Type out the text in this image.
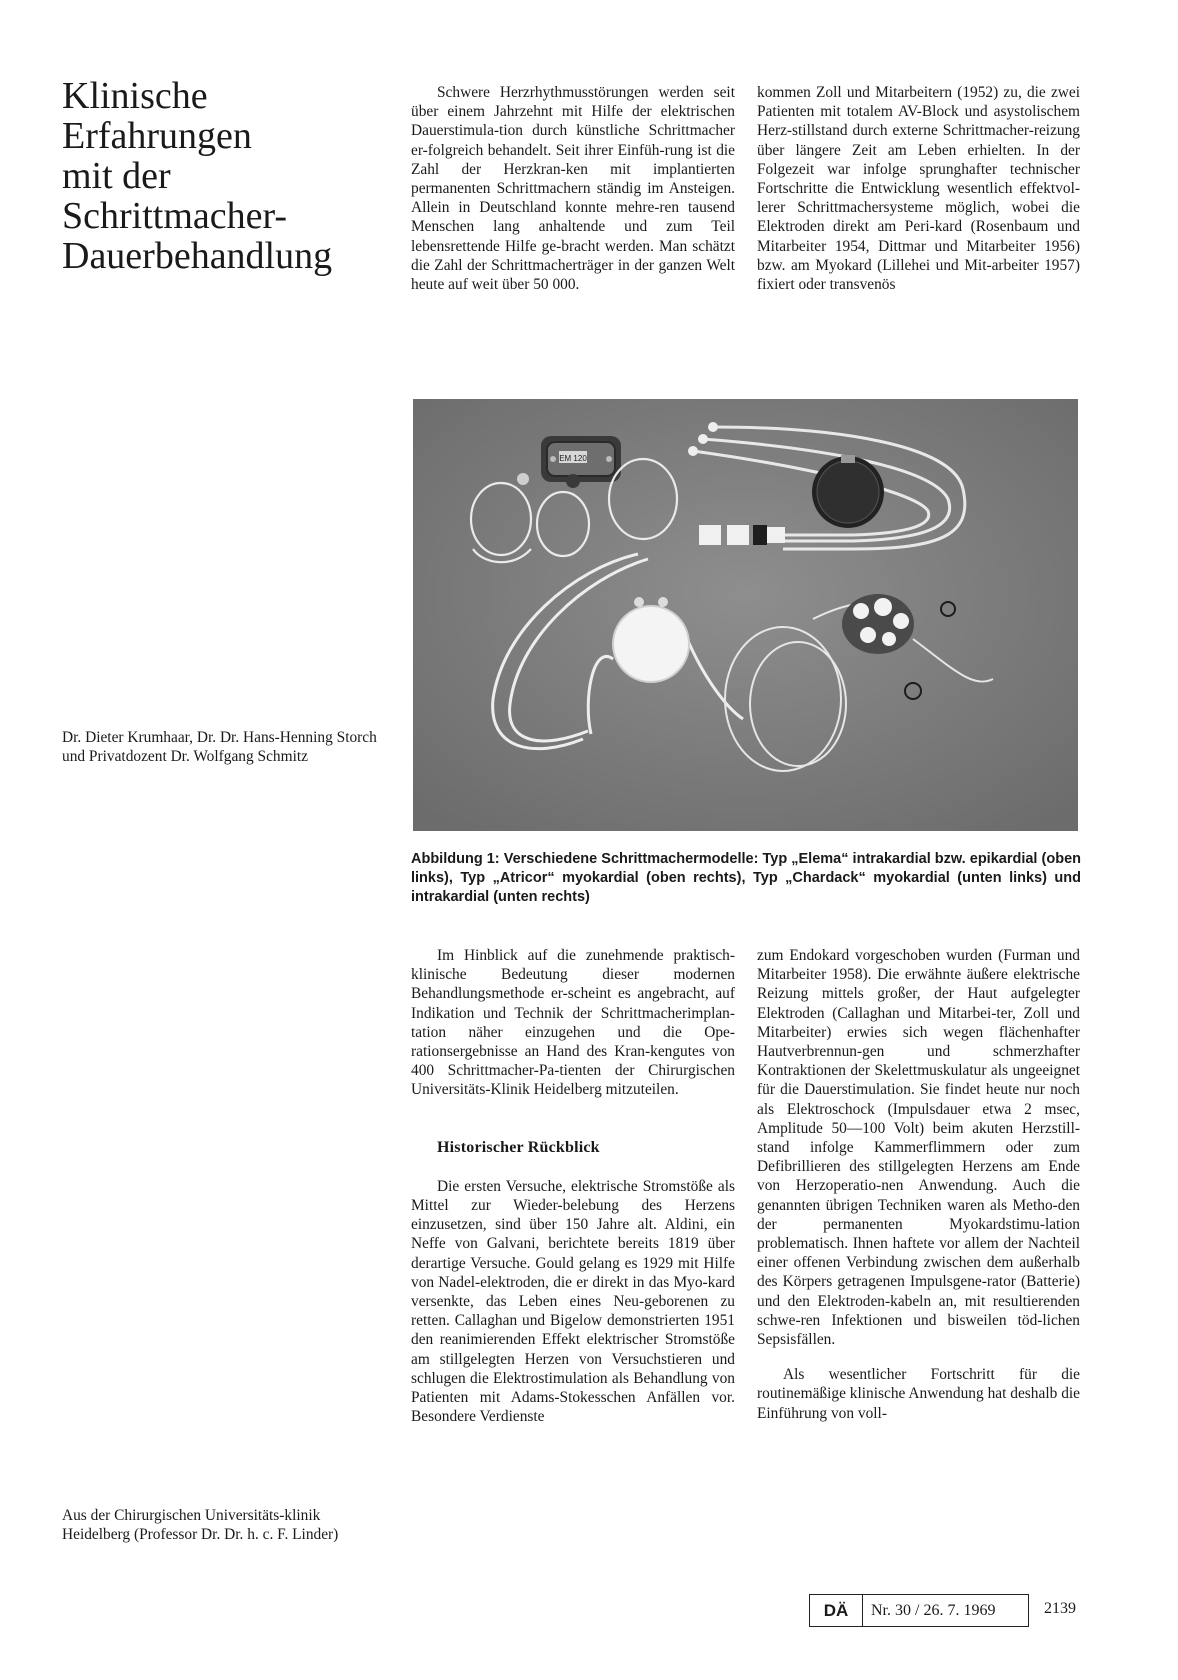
Klinische
Erfahrungen
mit der
Schrittmacher-
Dauerbehandlung

Schwere Herzrhythmusstörungen werden seit über einem Jahrzehnt mit Hilfe der elektrischen Dauerstimula-tion durch künstliche Schrittmacher er-folgreich behandelt. Seit ihrer Einfüh-rung ist die Zahl der Herzkran-ken mit implantierten permanenten Schrittmachern ständig im Ansteigen. Allein in Deutschland konnte mehre-ren tausend Menschen lang anhaltende und zum Teil lebensrettende Hilfe ge-bracht werden. Man schätzt die Zahl der Schrittmacherträger in der ganzen Welt heute auf weit über 50 000.

kommen Zoll und Mitarbeitern (1952) zu, die zwei Patienten mit totalem AV-Block und asystolischem Herz-stillstand durch externe Schrittmacher-reizung über längere Zeit am Leben erhielten. In der Folgezeit war infolge sprunghafter technischer Fortschritte die Entwicklung wesentlich effektvol-lerer Schrittmachersysteme möglich, wobei die Elektroden direkt am Peri-kard (Rosenbaum und Mitarbeiter 1954, Dittmar und Mitarbeiter 1956) bzw. am Myokard (Lillehei und Mit-arbeiter 1957) fixiert oder transvenös

EM 120
Abbildung 1: Verschiedene Schrittmachermodelle: Typ „Elema“ intrakardial bzw. epikardial (oben links), Typ „Atricor“ myokardial (oben rechts), Typ „Chardack“ myokardial (unten links) und intrakardial (unten rechts)
Dr. Dieter Krumhaar, Dr. Dr. Hans-Henning Storch und Privatdozent Dr. Wolfgang Schmitz

Im Hinblick auf die zunehmende praktisch-klinische Bedeutung dieser modernen Behandlungsmethode er-scheint es angebracht, auf Indikation und Technik der Schrittmacherimplan-tation näher einzugehen und die Ope-rationsergebnisse an Hand des Kran-kengutes von 400 Schrittmacher-Pa-tienten der Chirurgischen Universitäts-Klinik Heidelberg mitzuteilen.

Historischer Rückblick

Die ersten Versuche, elektrische Stromstöße als Mittel zur Wieder-belebung des Herzens einzusetzen, sind über 150 Jahre alt. Aldini, ein Neffe von Galvani, berichtete bereits 1819 über derartige Versuche. Gould gelang es 1929 mit Hilfe von Nadel-elektroden, die er direkt in das Myo-kard versenkte, das Leben eines Neu-geborenen zu retten. Callaghan und Bigelow demonstrierten 1951 den reanimierenden Effekt elektrischer Stromstöße am stillgelegten Herzen von Versuchstieren und schlugen die Elektrostimulation als Behandlung von Patienten mit Adams-Stokesschen Anfällen vor. Besondere Verdienste

zum Endokard vorgeschoben wurden (Furman und Mitarbeiter 1958). Die erwähnte äußere elektrische Reizung mittels großer, der Haut aufgelegter Elektroden (Callaghan und Mitarbei-ter, Zoll und Mitarbeiter) erwies sich wegen flächenhafter Hautverbrennun-gen und schmerzhafter Kontraktionen der Skelettmuskulatur als ungeeignet für die Dauerstimulation. Sie findet heute nur noch als Elektroschock (Impulsdauer etwa 2 msec, Amplitude 50—100 Volt) beim akuten Herzstill-stand infolge Kammerflimmern oder zum Defibrillieren des stillgelegten Herzens am Ende von Herzoperatio-nen Anwendung. Auch die genannten übrigen Techniken waren als Metho-den der permanenten Myokardstimu-lation problematisch. Ihnen haftete vor allem der Nachteil einer offenen Verbindung zwischen dem außerhalb des Körpers getragenen Impulsgene-rator (Batterie) und den Elektroden-kabeln an, mit resultierenden schwe-ren Infektionen und bisweilen töd-lichen Sepsisfällen.

Als wesentlicher Fortschritt für die routinemäßige klinische Anwendung hat deshalb die Einführung von voll-

Aus der Chirurgischen Universitäts-klinik Heidelberg (Professor Dr. Dr. h. c. F. Linder)
DÄ	Nr. 30 / 26. 7. 1969	2139
